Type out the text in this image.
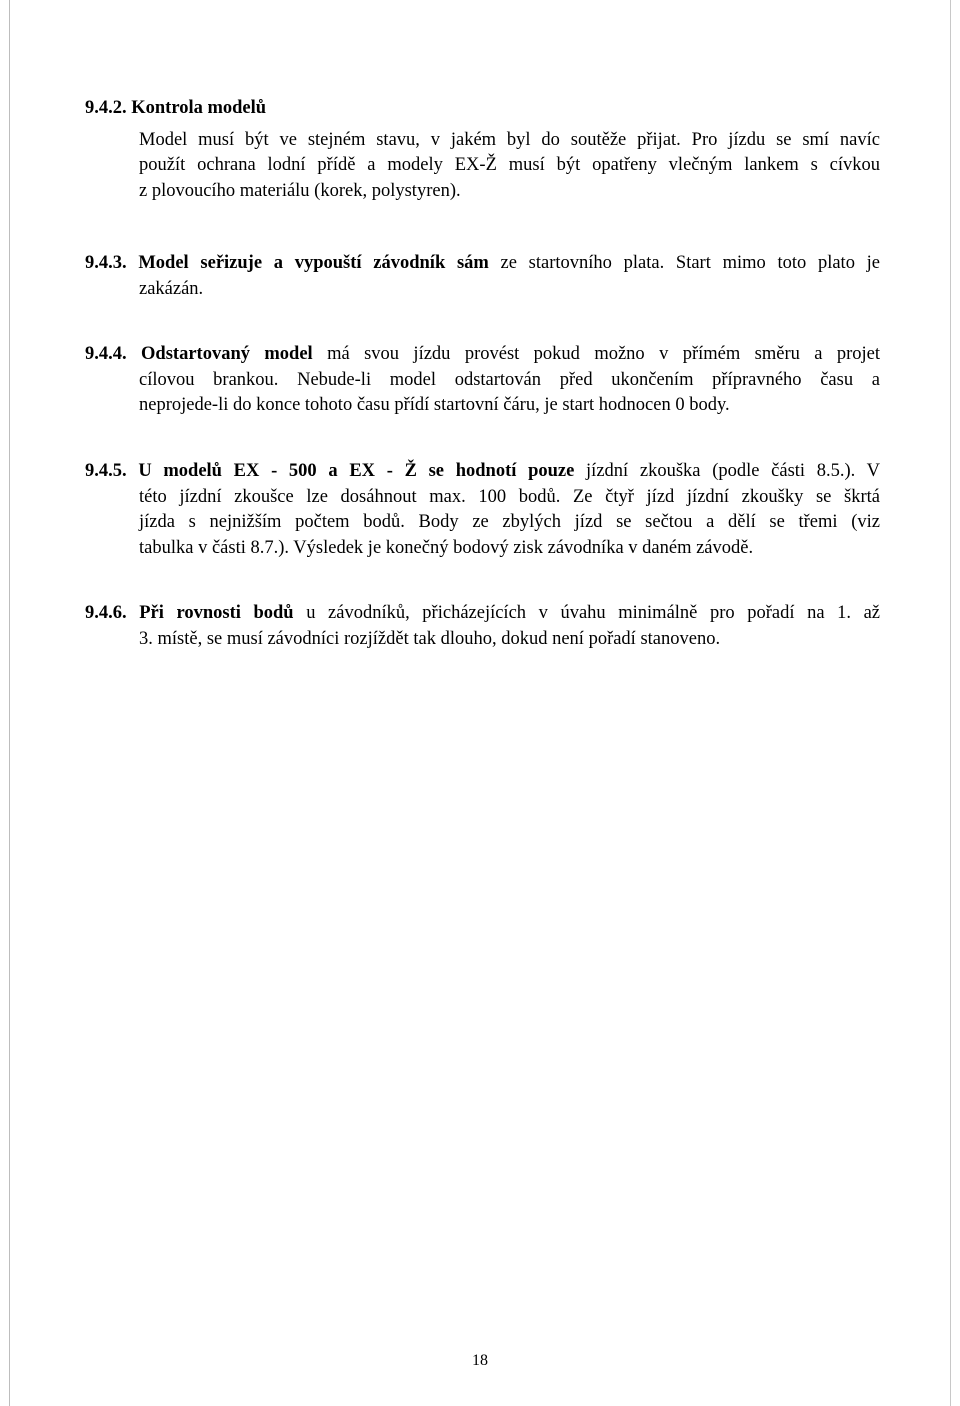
9.4.2. Kontrola modelů
Model musí být ve stejném stavu, v jakém byl do soutěže přijat. Pro jízdu se smí navíc
použít ochrana lodní přídě a modely EX-Ž musí být opatřeny vlečným lankem s cívkou
z plovoucího materiálu (korek, polystyren).
9.4.3. Model seřizuje a vypouští závodník sám ze startovního plata. Start mimo toto plato je
zakázán.
9.4.4. Odstartovaný model má svou jízdu provést pokud možno v přímém směru a projet
cílovou brankou. Nebude-li model odstartován před ukončením přípravného času a
neprojede-li do konce tohoto času přídí startovní čáru, je start hodnocen 0 body.
9.4.5. U modelů EX - 500 a EX - Ž se hodnotí pouze jízdní zkouška (podle části 8.5.). V
této jízdní zkoušce lze dosáhnout max. 100 bodů. Ze čtyř jízd jízdní zkoušky se škrtá
jízda s nejnižším počtem bodů. Body ze zbylých jízd se sečtou a dělí se třemi (viz
tabulka v části 8.7.). Výsledek je konečný bodový zisk závodníka v daném závodě.
9.4.6. Při rovnosti bodů u závodníků, přicházejících v úvahu minimálně pro pořadí na 1. až
3. místě, se musí závodníci rozjíždět tak dlouho, dokud není pořadí stanoveno.
18
